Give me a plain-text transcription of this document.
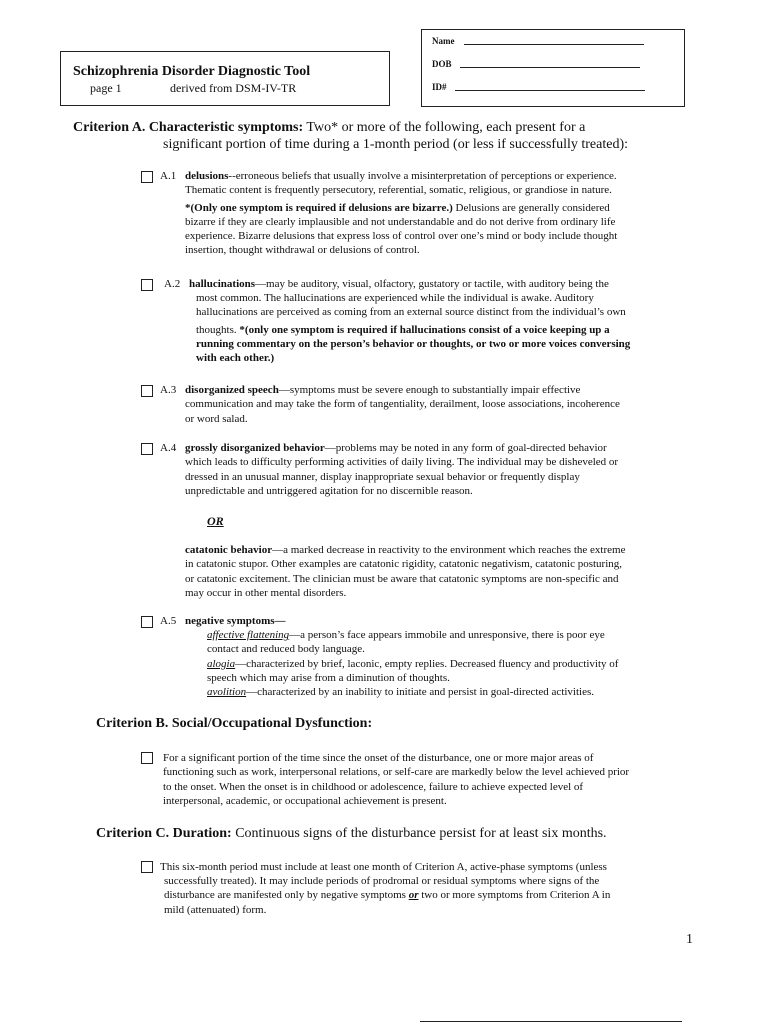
Schizophrenia Disorder Diagnostic Tool
page 1	derived from DSM-IV-TR
Name
DOB
ID#
Criterion A. Characteristic symptoms: Two* or more of the following, each present for a
significant portion of time during a 1-month period (or less if successfully treated):
A.1 delusions--erroneous beliefs that usually involve a misinterpretation of perceptions or experience.
Thematic content is frequently persecutory, referential, somatic, religious, or grandiose in nature.
*(Only one symptom is required if delusions are bizarre.) Delusions are generally considered
bizarre if they are clearly implausible and not understandable and do not derive from ordinary life
experience. Bizarre delusions that express loss of control over one’s mind or body include thought
insertion, thought withdrawal or delusions of control.
A.2 hallucinations—may be auditory, visual, olfactory, gustatory or tactile, with auditory being the
most common. The hallucinations are experienced while the individual is awake. Auditory
hallucinations are perceived as coming from an external source distinct from the individual’s own
thoughts. *(only one symptom is required if hallucinations consist of a voice keeping up a
running commentary on the person’s behavior or thoughts, or two or more voices conversing
with each other.)
A.3 disorganized speech—symptoms must be severe enough to substantially impair effective
communication and may take the form of tangentiality, derailment, loose associations, incoherence
or word salad.
A.4 grossly disorganized behavior—problems may be noted in any form of goal-directed behavior
which leads to difficulty performing activities of daily living. The individual may be disheveled or
dressed in an unusual manner, display inappropriate sexual behavior or frequently display
unpredictable and untriggered agitation for no discernible reason.
OR
catatonic behavior—a marked decrease in reactivity to the environment which reaches the extreme
in catatonic stupor. Other examples are catatonic rigidity, catatonic negativism, catatonic posturing,
or catatonic excitement. The clinician must be aware that catatonic symptoms are non-specific and
may occur in other mental disorders.
A.5 negative symptoms—
affective flattening—a person’s face appears immobile and unresponsive, there is poor eye
contact and reduced body language.
alogia—characterized by brief, laconic, empty replies. Decreased fluency and productivity of
speech which may arise from a diminution of thoughts.
avolition—characterized by an inability to initiate and persist in goal-directed activities.
Criterion B. Social/Occupational Dysfunction:
For a significant portion of the time since the onset of the disturbance, one or more major areas of
functioning such as work, interpersonal relations, or self-care are markedly below the level achieved prior
to the onset. When the onset is in childhood or adolescence, failure to achieve expected level of
interpersonal, academic, or occupational achievement is present.
Criterion C. Duration: Continuous signs of the disturbance persist for at least six months.
This six-month period must include at least one month of Criterion A, active-phase symptoms (unless
successfully treated). It may include periods of prodromal or residual symptoms where signs of the
disturbance are manifested only by negative symptoms or two or more symptoms from Criterion A in
mild (attenuated) form.
1
